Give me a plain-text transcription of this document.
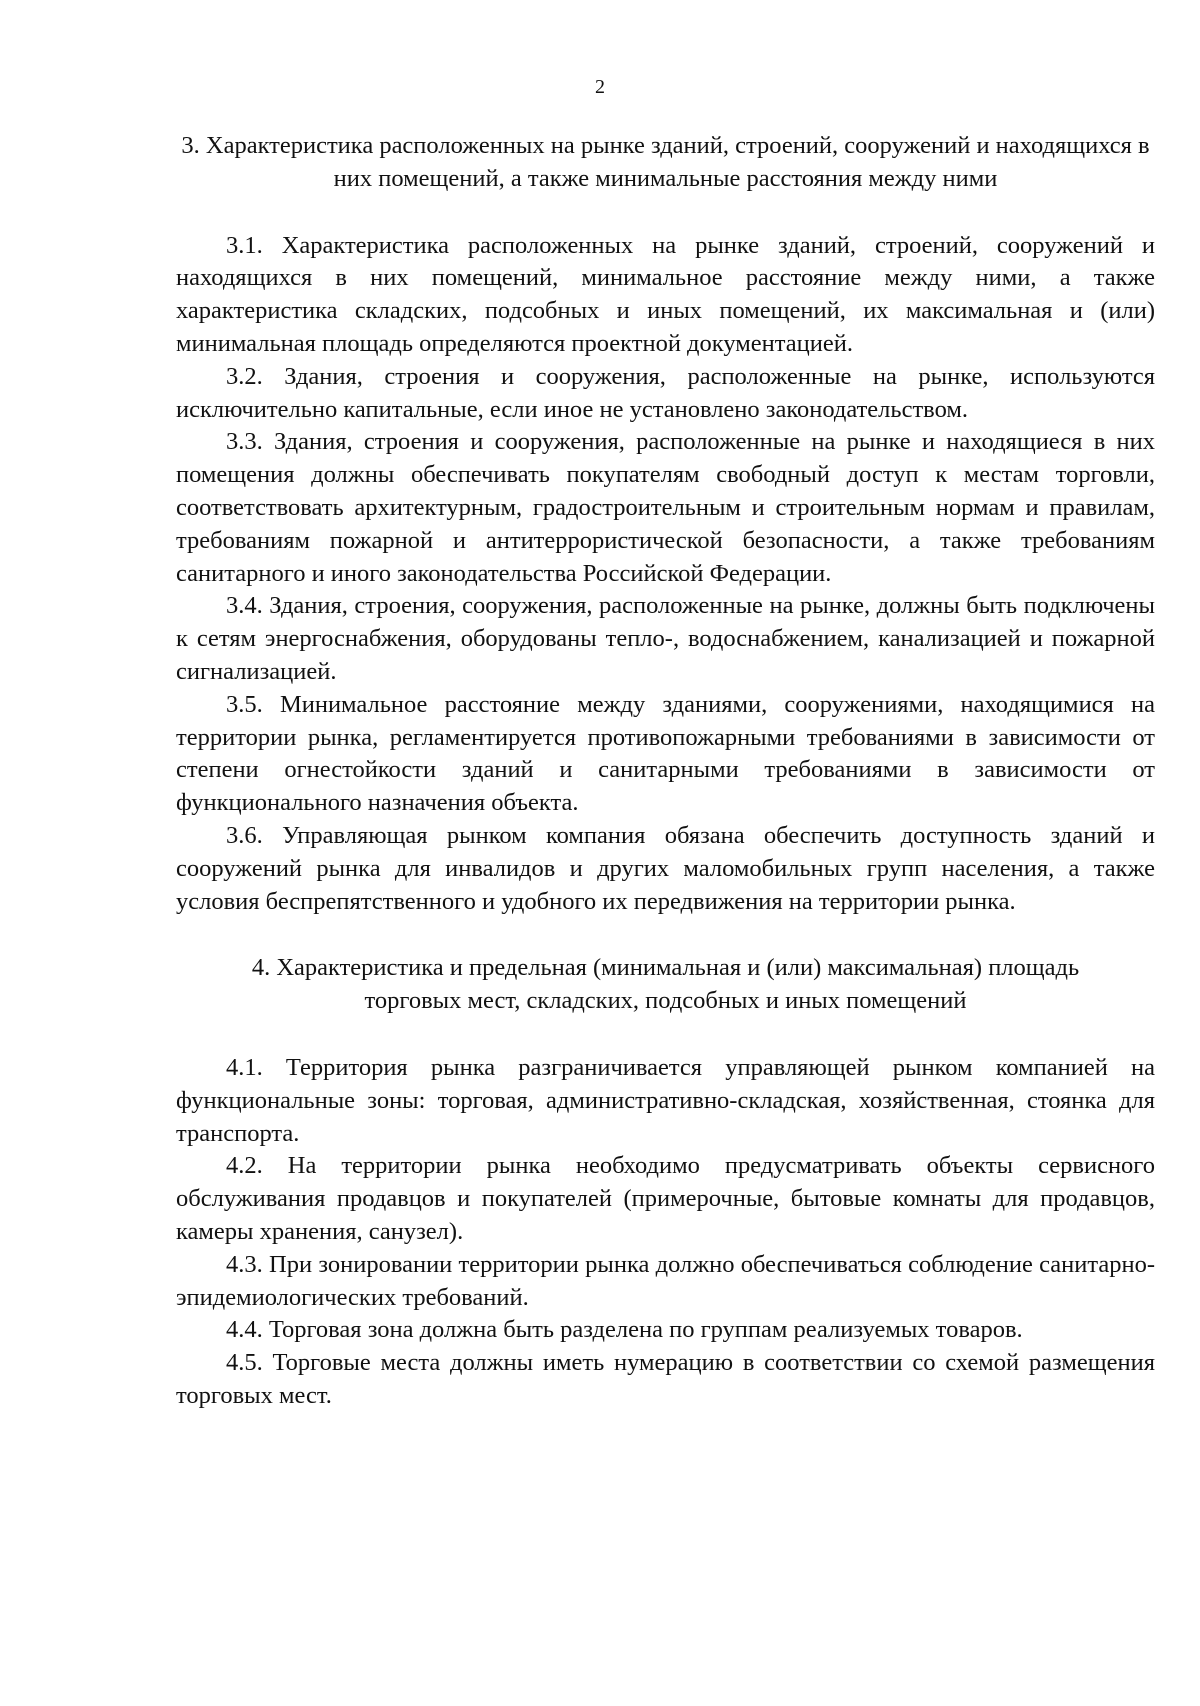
2

3. Характеристика расположенных на рынке зданий, строений, сооружений и находящихся в них помещений, а также минимальные расстояния между ними

3.1. Характеристика расположенных на рынке зданий, строений, сооружений и находящихся в них помещений, минимальное расстояние между ними, а также характеристика складских, подсобных и иных помещений, их максимальная и (или) минимальная площадь определяются проектной документацией.

3.2. Здания, строения и сооружения, расположенные на рынке, используются исключительно капитальные, если иное не установлено законодательством.

3.3. Здания, строения и сооружения, расположенные на рынке и находящиеся в них помещения должны обеспечивать покупателям свободный доступ к местам торговли, соответствовать архитектурным, градостроительным и строительным нормам и правилам, требованиям пожарной и антитеррористической безопасности, а также требованиям санитарного и иного законодательства Российской Федерации.

3.4. Здания, строения, сооружения, расположенные на рынке, должны быть подключены к сетям энергоснабжения, оборудованы тепло-, водоснабжением, канализацией и пожарной сигнализацией.

3.5. Минимальное расстояние между зданиями, сооружениями, находящимися на территории рынка, регламентируется противопожарными требованиями в зависимости от степени огнестойкости зданий и санитарными требованиями в зависимости от функционального назначения объекта.

3.6. Управляющая рынком компания обязана обеспечить доступность зданий и сооружений рынка для инвалидов и других маломобильных групп населения, а также условия беспрепятственного и удобного их передвижения на территории рынка.

4. Характеристика и предельная (минимальная и (или) максимальная) площадь торговых мест, складских, подсобных и иных помещений

4.1. Территория рынка разграничивается управляющей рынком компанией на функциональные зоны: торговая, административно-складская, хозяйственная, стоянка для транспорта.

4.2. На территории рынка необходимо предусматривать объекты сервисного обслуживания продавцов и покупателей (примерочные, бытовые комнаты для продавцов, камеры хранения, санузел).

4.3. При зонировании территории рынка должно обеспечиваться соблюдение санитарно-эпидемиологических требований.

4.4. Торговая зона должна быть разделена по группам реализуемых товаров.

4.5. Торговые места должны иметь нумерацию в соответствии со схемой размещения торговых мест.
